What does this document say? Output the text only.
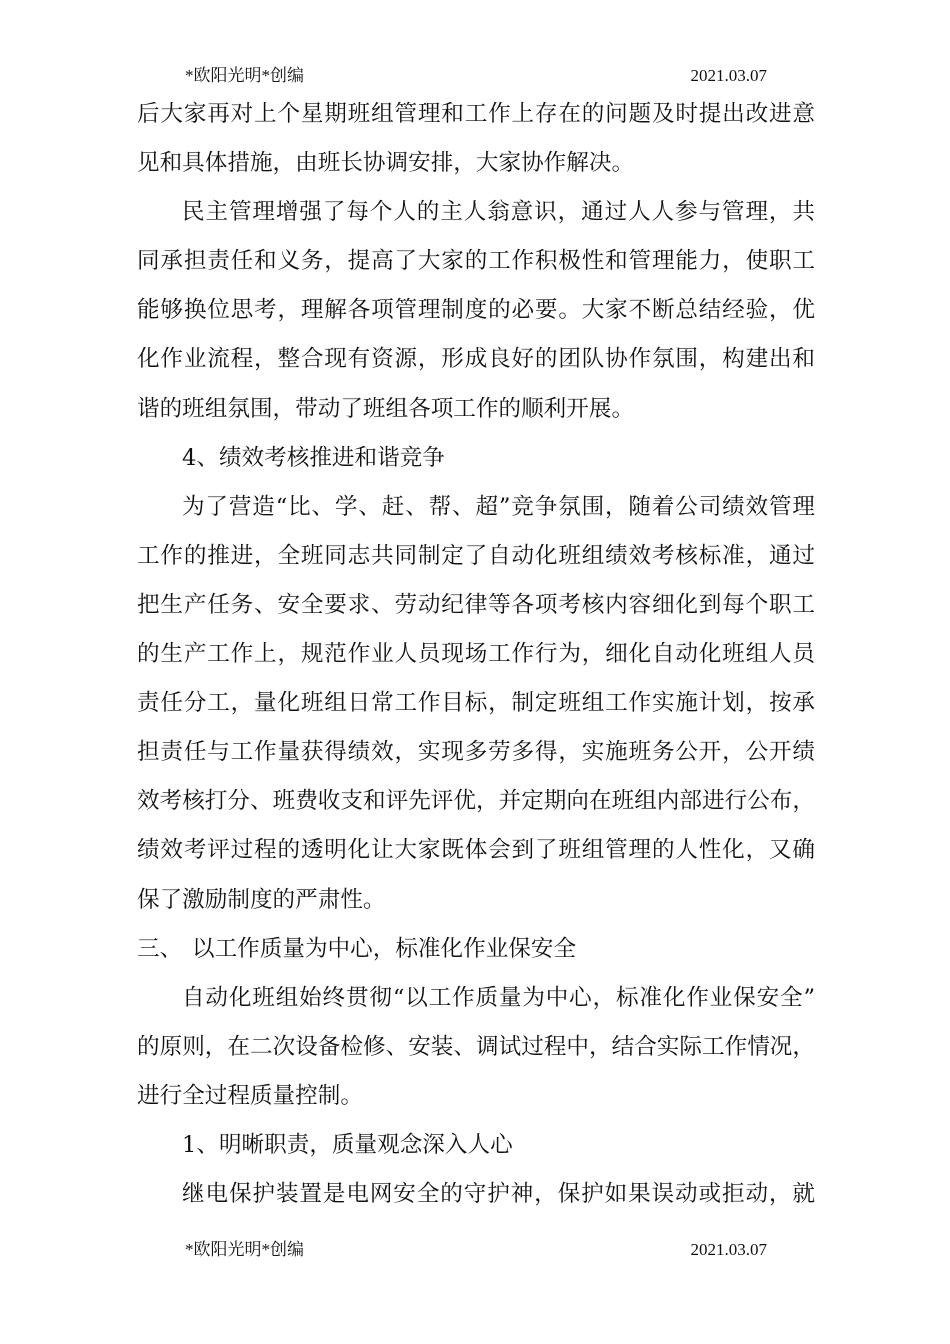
*欧阳光明*创编	2021.03.07
后大家再对上个星期班组管理和工作上存在的问题及时提出改进意
见和具体措施，由班长协调安排，大家协作解决。
民主管理增强了每个人的主人翁意识，通过人人参与管理，共
同承担责任和义务，提高了大家的工作积极性和管理能力，使职工
能够换位思考，理解各项管理制度的必要。大家不断总结经验，优
化作业流程，整合现有资源，形成良好的团队协作氛围，构建出和
谐的班组氛围，带动了班组各项工作的顺利开展。
4、绩效考核推进和谐竞争
为了营造“比、学、赶、帮、超”竞争氛围，随着公司绩效管理
工作的推进，全班同志共同制定了自动化班组绩效考核标准，通过
把生产任务、安全要求、劳动纪律等各项考核内容细化到每个职工
的生产工作上，规范作业人员现场工作行为，细化自动化班组人员
责任分工，量化班组日常工作目标，制定班组工作实施计划，按承
担责任与工作量获得绩效，实现多劳多得，实施班务公开，公开绩
效考核打分、班费收支和评先评优，并定期向在班组内部进行公布，
绩效考评过程的透明化让大家既体会到了班组管理的人性化，又确
保了激励制度的严肃性。
三、 以工作质量为中心，标准化作业保安全
自动化班组始终贯彻“以工作质量为中心，标准化作业保安全”
的原则，在二次设备检修、安装、调试过程中，结合实际工作情况，
进行全过程质量控制。
1、明晰职责，质量观念深入人心
继电保护装置是电网安全的守护神，保护如果误动或拒动，就
*欧阳光明*创编	2021.03.07
